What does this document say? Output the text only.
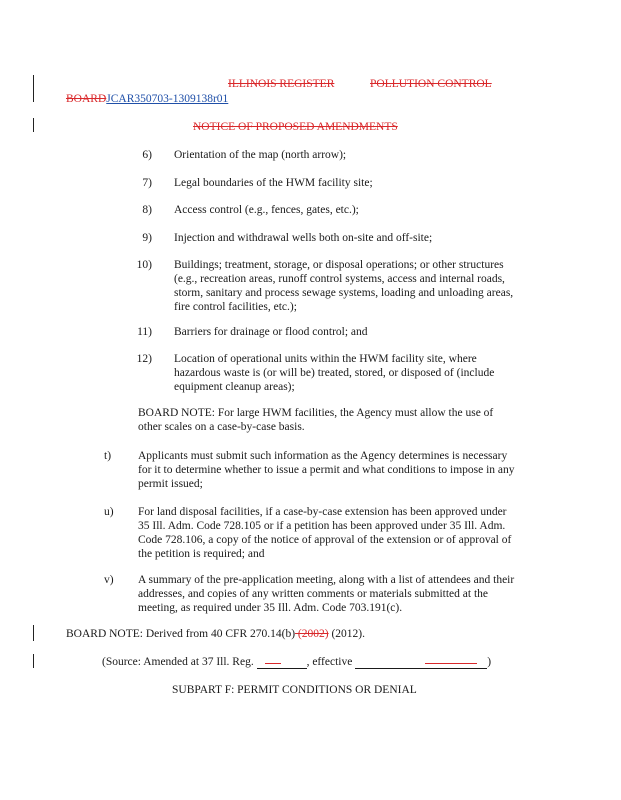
ILLINOIS REGISTER	POLLUTION CONTROL
BOARDJCAR350703-1309138r01
NOTICE OF PROPOSED AMENDMENTS
6) Orientation of the map (north arrow);
7) Legal boundaries of the HWM facility site;
8) Access control (e.g., fences, gates, etc.);
9) Injection and withdrawal wells both on-site and off-site;
10) Buildings; treatment, storage, or disposal operations; or other structures
(e.g., recreation areas, runoff control systems, access and internal roads,
storm, sanitary and process sewage systems, loading and unloading areas,
fire control facilities, etc.);
11) Barriers for drainage or flood control; and
12) Location of operational units within the HWM facility site, where
hazardous waste is (or will be) treated, stored, or disposed of (include
equipment cleanup areas);
BOARD NOTE: For large HWM facilities, the Agency must allow the use of
other scales on a case-by-case basis.
t) Applicants must submit such information as the Agency determines is necessary
for it to determine whether to issue a permit and what conditions to impose in any
permit issued;
u) For land disposal facilities, if a case-by-case extension has been approved under
35 Ill. Adm. Code 728.105 or if a petition has been approved under 35 Ill. Adm.
Code 728.106, a copy of the notice of approval of the extension or of approval of
the petition is required; and
v) A summary of the pre-application meeting, along with a list of attendees and their
addresses, and copies of any written comments or materials submitted at the
meeting, as required under 35 Ill. Adm. Code 703.191(c).
BOARD NOTE: Derived from 40 CFR 270.14(b) (2002) (2012).
(Source: Amended at 37 Ill. Reg.	, effective	)
SUBPART F: PERMIT CONDITIONS OR DENIAL
